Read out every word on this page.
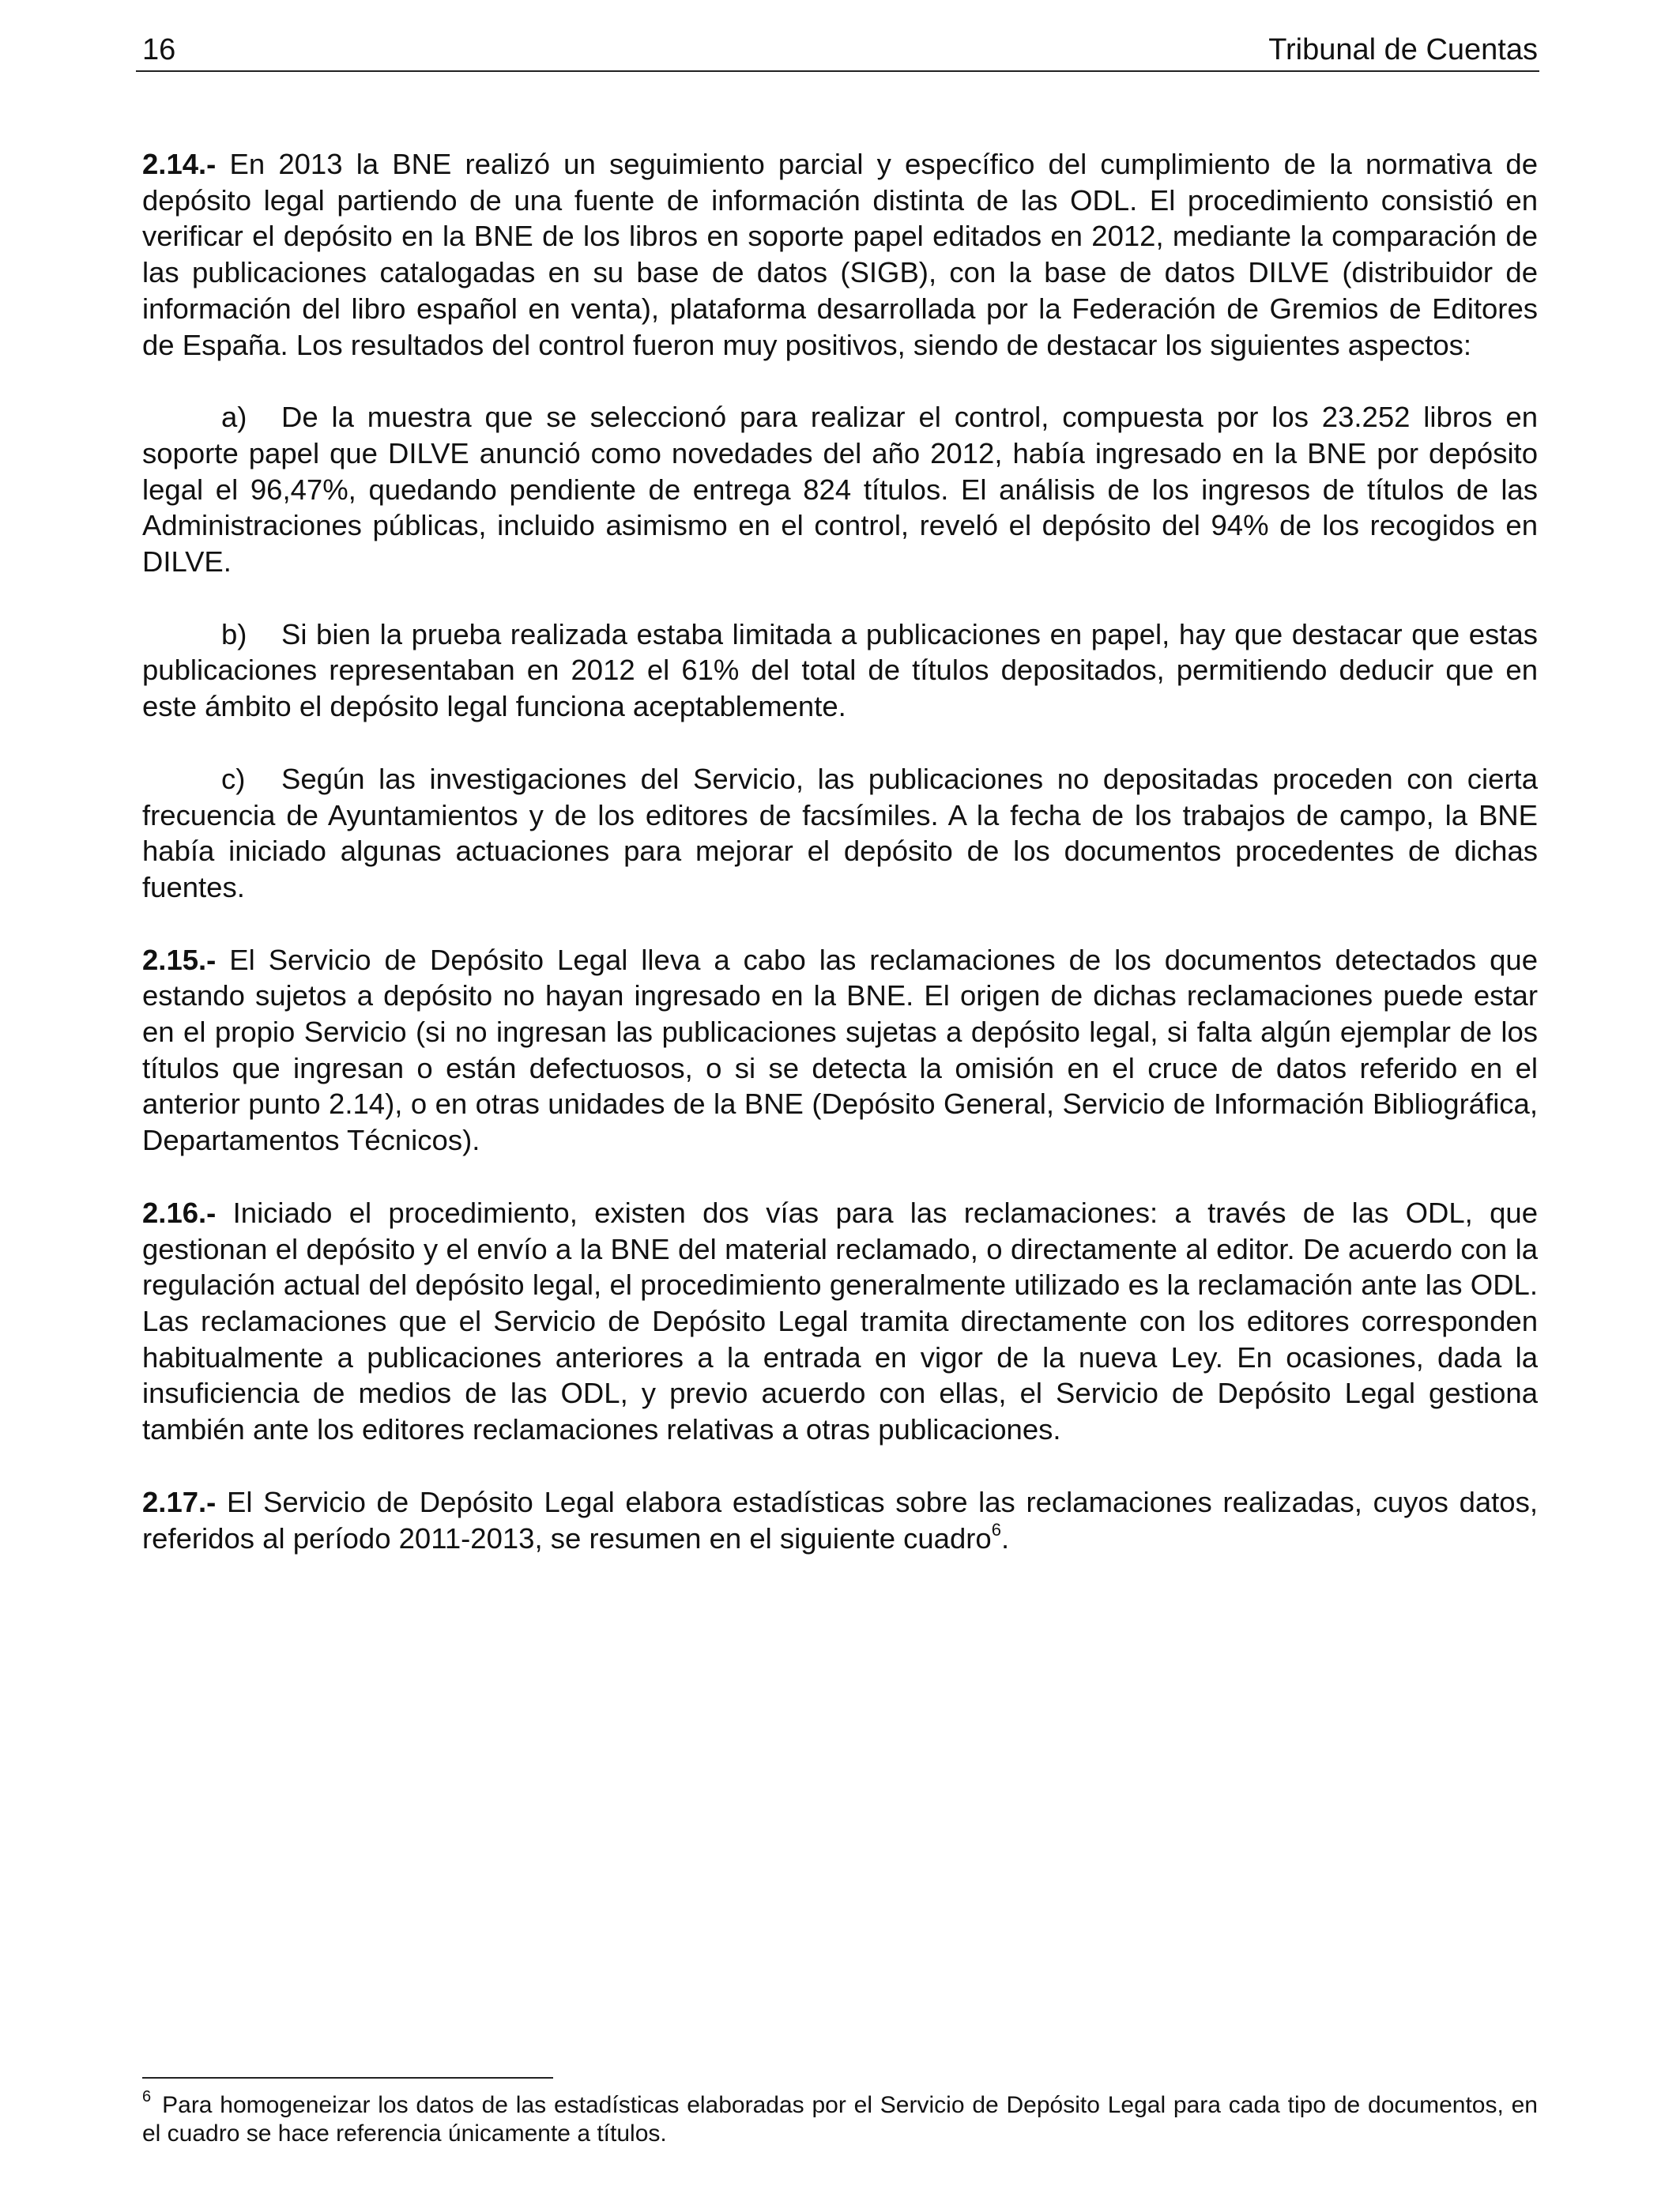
16	Tribunal de Cuentas

2.14.- En 2013 la BNE realizó un seguimiento parcial y específico del cumplimiento de la normativa de depósito legal partiendo de una fuente de información distinta de las ODL. El procedimiento consistió en verificar el depósito en la BNE de los libros en soporte papel editados en 2012, mediante la comparación de las publicaciones catalogadas en su base de datos (SIGB), con la base de datos DILVE (distribuidor de información del libro español en venta), plataforma desarrollada por la Federación de Gremios de Editores de España. Los resultados del control fueron muy positivos, siendo de destacar los siguientes aspectos:

a) De la muestra que se seleccionó para realizar el control, compuesta por los 23.252 libros en soporte papel que DILVE anunció como novedades del año 2012, había ingresado en la BNE por depósito legal el 96,47%, quedando pendiente de entrega 824 títulos. El análisis de los ingresos de títulos de las Administraciones públicas, incluido asimismo en el control, reveló el depósito del 94% de los recogidos en DILVE.

b) Si bien la prueba realizada estaba limitada a publicaciones en papel, hay que destacar que estas publicaciones representaban en 2012 el 61% del total de títulos depositados, permitiendo deducir que en este ámbito el depósito legal funciona aceptablemente.

c) Según las investigaciones del Servicio, las publicaciones no depositadas proceden con cierta frecuencia de Ayuntamientos y de los editores de facsímiles. A la fecha de los trabajos de campo, la BNE había iniciado algunas actuaciones para mejorar el depósito de los documentos procedentes de dichas fuentes.

2.15.- El Servicio de Depósito Legal lleva a cabo las reclamaciones de los documentos detectados que estando sujetos a depósito no hayan ingresado en la BNE. El origen de dichas reclamaciones puede estar en el propio Servicio (si no ingresan las publicaciones sujetas a depósito legal, si falta algún ejemplar de los títulos que ingresan o están defectuosos, o si se detecta la omisión en el cruce de datos referido en el anterior punto 2.14), o en otras unidades de la BNE (Depósito General, Servicio de Información Bibliográfica, Departamentos Técnicos).

2.16.- Iniciado el procedimiento, existen dos vías para las reclamaciones: a través de las ODL, que gestionan el depósito y el envío a la BNE del material reclamado, o directamente al editor. De acuerdo con la regulación actual del depósito legal, el procedimiento generalmente utilizado es la reclamación ante las ODL. Las reclamaciones que el Servicio de Depósito Legal tramita directamente con los editores corresponden habitualmente a publicaciones anteriores a la entrada en vigor de la nueva Ley. En ocasiones, dada la insuficiencia de medios de las ODL, y previo acuerdo con ellas, el Servicio de Depósito Legal gestiona también ante los editores reclamaciones relativas a otras publicaciones.

2.17.- El Servicio de Depósito Legal elabora estadísticas sobre las reclamaciones realizadas, cuyos datos, referidos al período 2011-2013, se resumen en el siguiente cuadro$^6$.

$^6$ Para homogeneizar los datos de las estadísticas elaboradas por el Servicio de Depósito Legal para cada tipo de documentos, en el cuadro se hace referencia únicamente a títulos.
